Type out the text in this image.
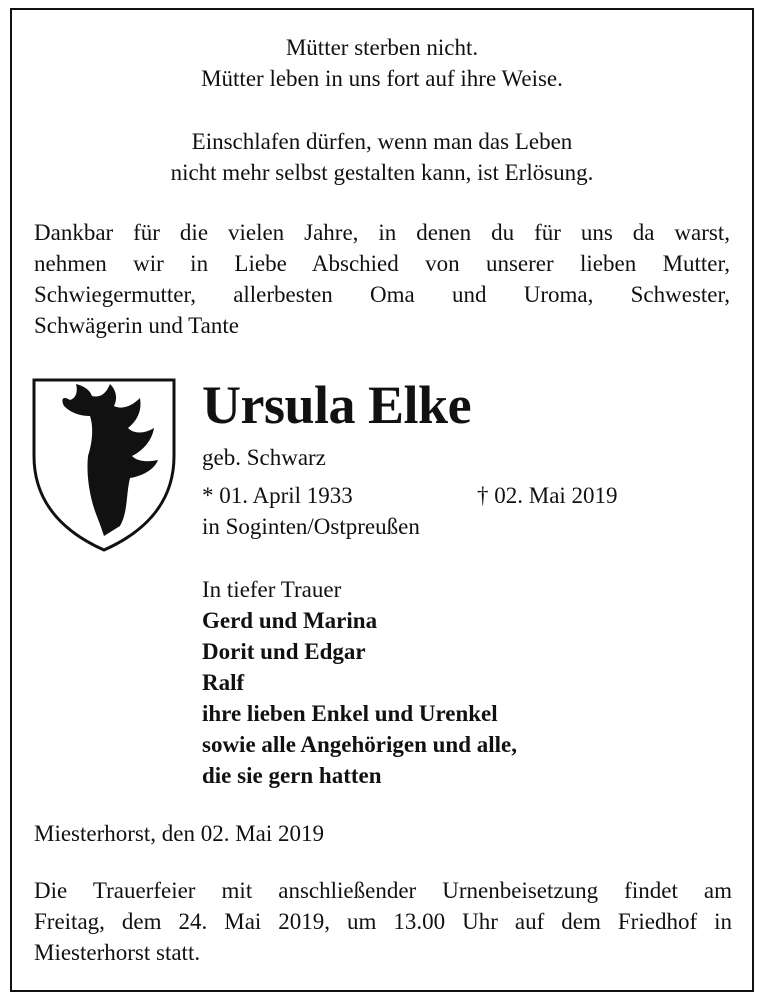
Mütter sterben nicht.
Mütter leben in uns fort auf ihre Weise.
Einschlafen dürfen, wenn man das Leben
nicht mehr selbst gestalten kann, ist Erlösung.
Dankbar für die vielen Jahre, in denen du für uns da warst,
nehmen wir in Liebe Abschied von unserer lieben Mutter,
Schwiegermutter, allerbesten Oma und Uroma, Schwester,
Schwägerin und Tante
Ursula Elke
geb. Schwarz
* 01. April 1933	† 02. Mai 2019
in Soginten/Ostpreußen
In tiefer Trauer
Gerd und Marina
Dorit und Edgar
Ralf
ihre lieben Enkel und Urenkel
sowie alle Angehörigen und alle,
die sie gern hatten
Miesterhorst, den 02. Mai 2019
Die Trauerfeier mit anschließender Urnenbeisetzung findet am
Freitag, dem 24. Mai 2019, um 13.00 Uhr auf dem Friedhof in
Miesterhorst statt.
